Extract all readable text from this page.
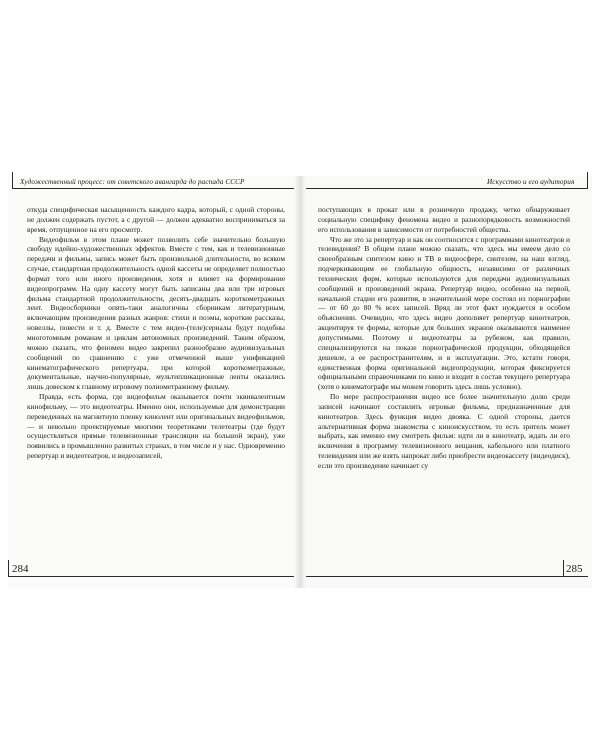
Художественный процесс: от советского авангарда до распада СССР	Искусство и его аудитория

откуда специфическая насыщенность каждого кадра, который, с одной стороны, не должен содержать пустот, а с другой — должен адекватно восприниматься за время, отпущенное на его просмотр.

Видеофильм в этом плане может позволить себе значительно большую свободу идейно-художественных эффектов. Вместе с тем, как и телевизионные передачи и фильмы, запись может быть произвольной длительности, во всяком случае, стандартная продолжительность одной кассеты не определяет полностью формат того или иного произведения, хотя и влияет на формирование видеопрограмм. На одну кассету могут быть записаны два или три игровых фильма стандартной продолжительности, десять-двадцать короткометражных лент. Видеосборники опять-таки аналогичны сборникам литературным, включающим произведения разных жанров: стихи и поэмы, короткие рассказы, новеллы, повести и т. д. Вместе с тем видео-(теле)сериалы будут подобны многотомным романам и циклам автономных произведений. Таким образом, можно сказать, что феномен видео закрепил разнообразие аудиовизуальных сообщений по сравнению с уже отмеченной выше унификацией кинематографического репертуара, при которой короткометражные, документальные, научно-популярные, мультипликационные ленты оказались лишь довеском к главному игровому полнометражному фильму.

Правда, есть форма, где видеофильм оказывается почти эквивалентным кинофильму, — это видеотеатры. Именно они, используемые для демонстрации переведенных на магнитную пленку кинолент или оригинальных видеофильмов, — и невольно проектируемые многими теоретиками телетеатры (где будут осуществляться прямые телевизионные трансляции на большой экран), уже появились в промышленно развитых странах, в том числе и у нас. Одновременно репертуар и видеотеатров, и видеозаписей,

поступающих в прокат или в розничную продажу, четко обнаруживает социальную специфику феномена видео и разнопорядковость возможностей его использования в зависимости от потребностей общества.

Что же это за репертуар и как он соотносится с программами кинотеатров и телевидения? В общем плане можно сказать, что здесь мы имеем дело со своеобразным синтезом кино и ТВ в видеосфере, синтезом, на наш взгляд, подчеркивающим ее глобальную общность, независимо от различных технических форм, которые используются для передачи аудиовизуальных сообщений и произведений экрана. Репертуар видео, особенно на первой, начальной стадии его развития, в значительной мере состоял из порнографии — от 60 до 80 % всех записей. Вряд ли этот факт нуждается в особом объяснении. Очевидно, что здесь видео дополняет репертуар кинотеатров, акцентируя те формы, которые для больших экранов оказываются наименее допустимыми. Поэтому и видеотеатры за рубежом, как правило, специализируются на показе порнографической продукции, обходящейся дешевле, а ее распространителям, и в эксплуатации. Это, кстати говоря, единственная форма оригинальной видеопродукции, которая фиксируется официальными справочниками по кино и входит в состав текущего репертуара (хотя о кинематографе мы можем говорить здесь лишь условно).

По мере распространения видео все более значительную долю среди записей начинают составлять игровые фильмы, предназначенные для кинотеатров. Здесь функция видео двояка. С одной стороны, дается альтернативная форма знакомства с киноискусством, то есть зритель может выбрать, как именно ему смотреть фильм: идти ли в кинотеатр, ждать ли его включения в программу телевизионного вещания, кабельного или платного телевидения или же взять напрокат либо приобрести видеокассету (видеодиск), если это произведение начинает су

284	285
